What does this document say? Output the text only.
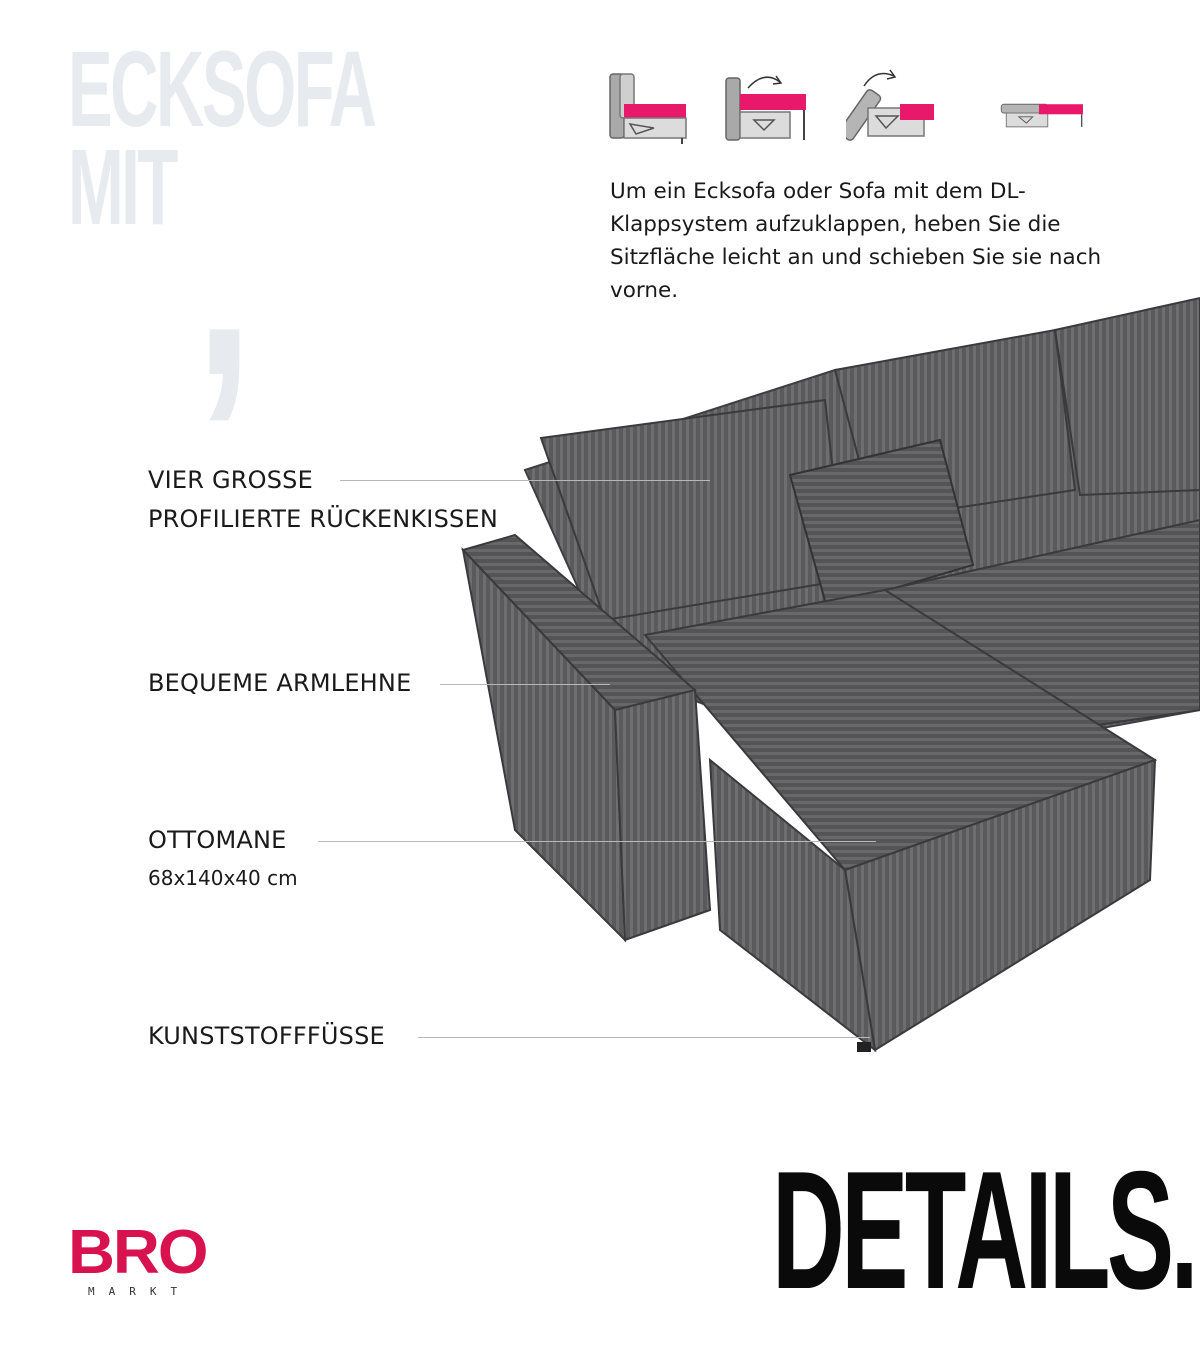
ECKSOFA
MIT ,	Um ein Ecksofa oder Sofa mit dem DL-Klappsystem aufzuklappen, heben Sie die Sitzfläche leicht an und schieben Sie sie nach vorne.
VIER GROSSE
PROFILIERTE RÜCKENKISSEN
BEQUEME ARMLEHNE
OTTOMANE
68x140x40 cm
KUNSTSTOFFFÜSSE
DETAILS.
BRO
MARKT
